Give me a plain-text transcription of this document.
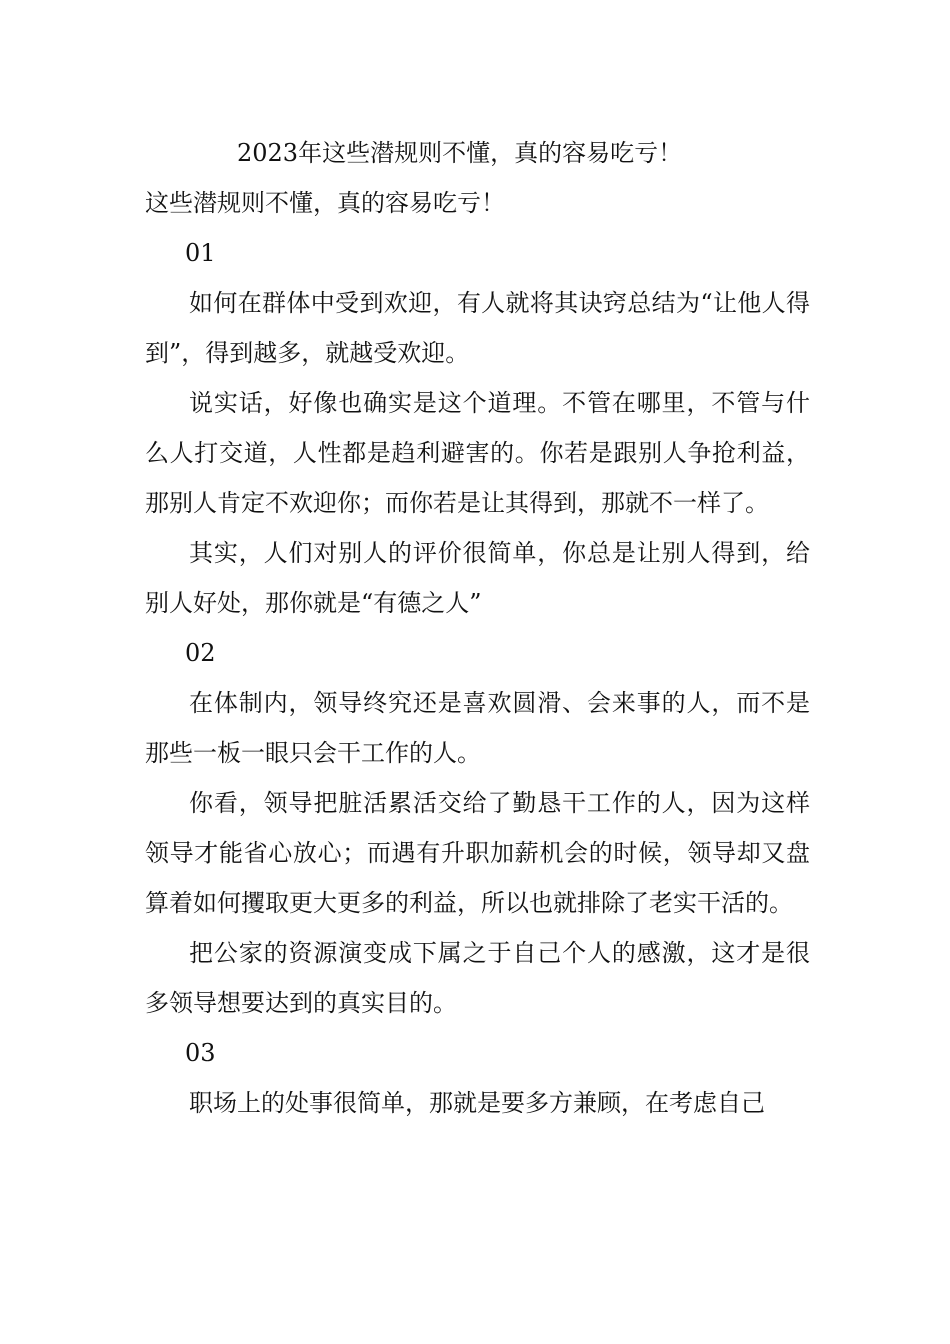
2023年这些潜规则不懂，真的容易吃亏！

这些潜规则不懂，真的容易吃亏！

01

如何在群体中受到欢迎，有人就将其诀窍总结为“让他人得到”，得到越多，就越受欢迎。

说实话，好像也确实是这个道理。不管在哪里，不管与什么人打交道，人性都是趋利避害的。你若是跟别人争抢利益，那别人肯定不欢迎你；而你若是让其得到，那就不一样了。

其实，人们对别人的评价很简单，你总是让别人得到，给别人好处，那你就是“有德之人”

02

在体制内，领导终究还是喜欢圆滑、会来事的人，而不是那些一板一眼只会干工作的人。

你看，领导把脏活累活交给了勤恳干工作的人，因为这样领导才能省心放心；而遇有升职加薪机会的时候，领导却又盘算着如何攫取更大更多的利益，所以也就排除了老实干活的。

把公家的资源演变成下属之于自己个人的感激，这才是很多领导想要达到的真实目的。

03

职场上的处事很简单，那就是要多方兼顾，在考虑自己
